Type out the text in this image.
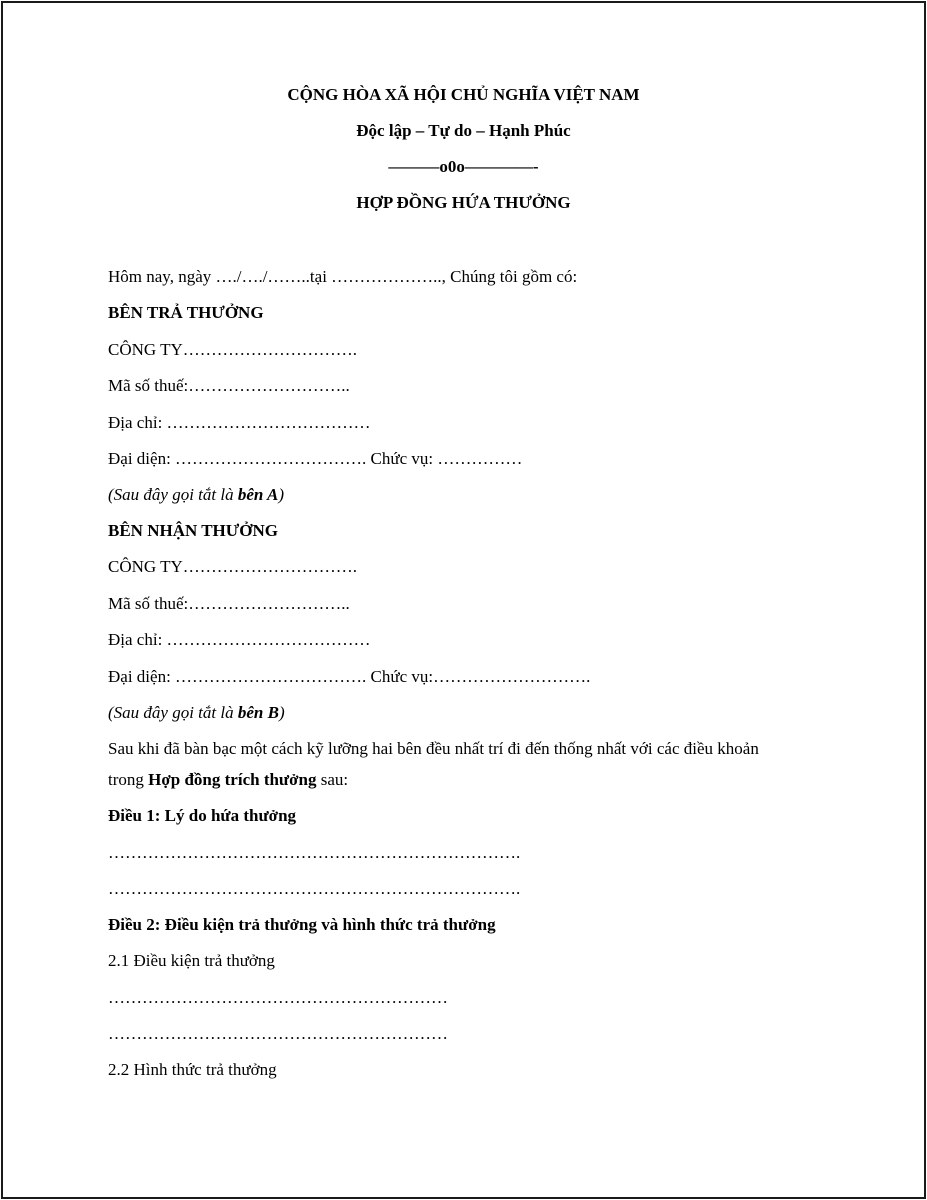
CỘNG HÒA XÃ HỘI CHỦ NGHĨA VIỆT NAM
Độc lập – Tự do – Hạnh Phúc
———o0o————-
HỢP ĐỒNG HỨA THƯỞNG
Hôm nay, ngày …./…./……..tại ……………….., Chúng tôi gồm có:
BÊN TRẢ THƯỞNG
CÔNG TY………………………….
Mã số thuế:………………………..
Địa chỉ: ………………………………
Đại diện: ……………………………. Chức vụ: ……………
(Sau đây gọi tắt là bên A)
BÊN NHẬN THƯỞNG
CÔNG TY………………………….
Mã số thuế:………………………..
Địa chỉ: ………………………………
Đại diện: ……………………………. Chức vụ:……………………….
(Sau đây gọi tắt là bên B)
Sau khi đã bàn bạc một cách kỹ lưỡng hai bên đều nhất trí đi đến thống nhất với các điều khoản
trong Hợp đồng trích thưởng sau:
Điều 1: Lý do hứa thưởng
……………………………………………………………….
……………………………………………………………….
Điều 2: Điều kiện trả thưởng và hình thức trả thưởng
2.1 Điều kiện trả thưởng
……………………………………………………
……………………………………………………
2.2 Hình thức trả thưởng
